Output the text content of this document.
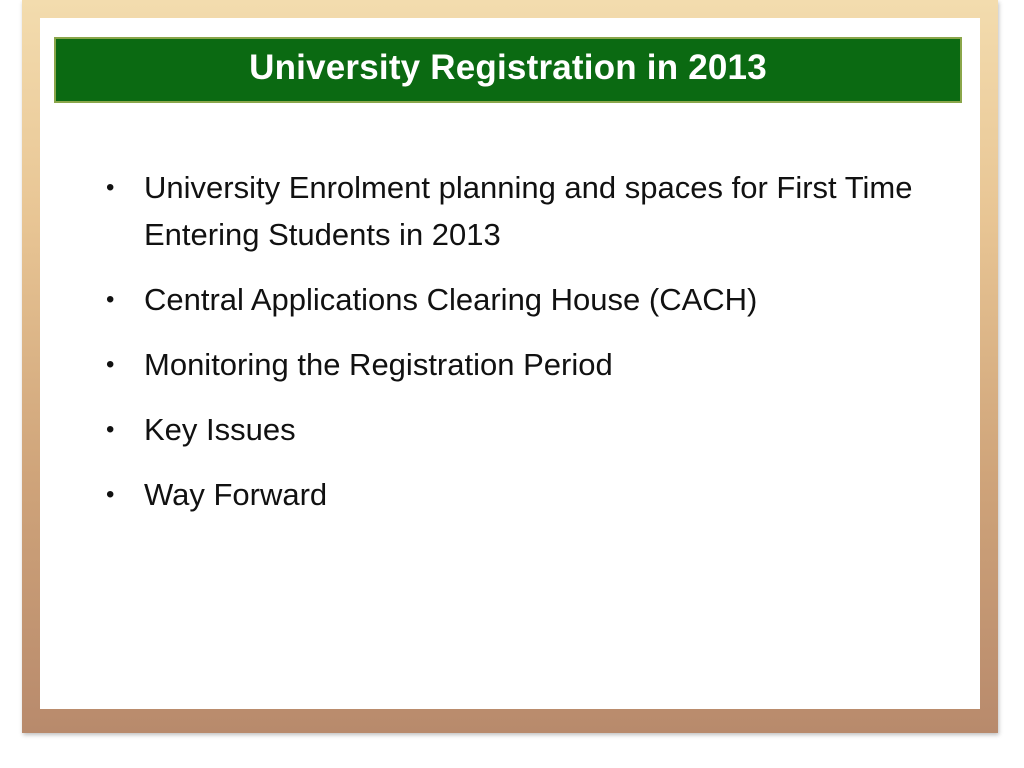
University Registration in 2013
• University Enrolment planning and spaces for First Time Entering Students in 2013
• Central Applications Clearing House (CACH)
• Monitoring the Registration Period
• Key Issues
• Way Forward
